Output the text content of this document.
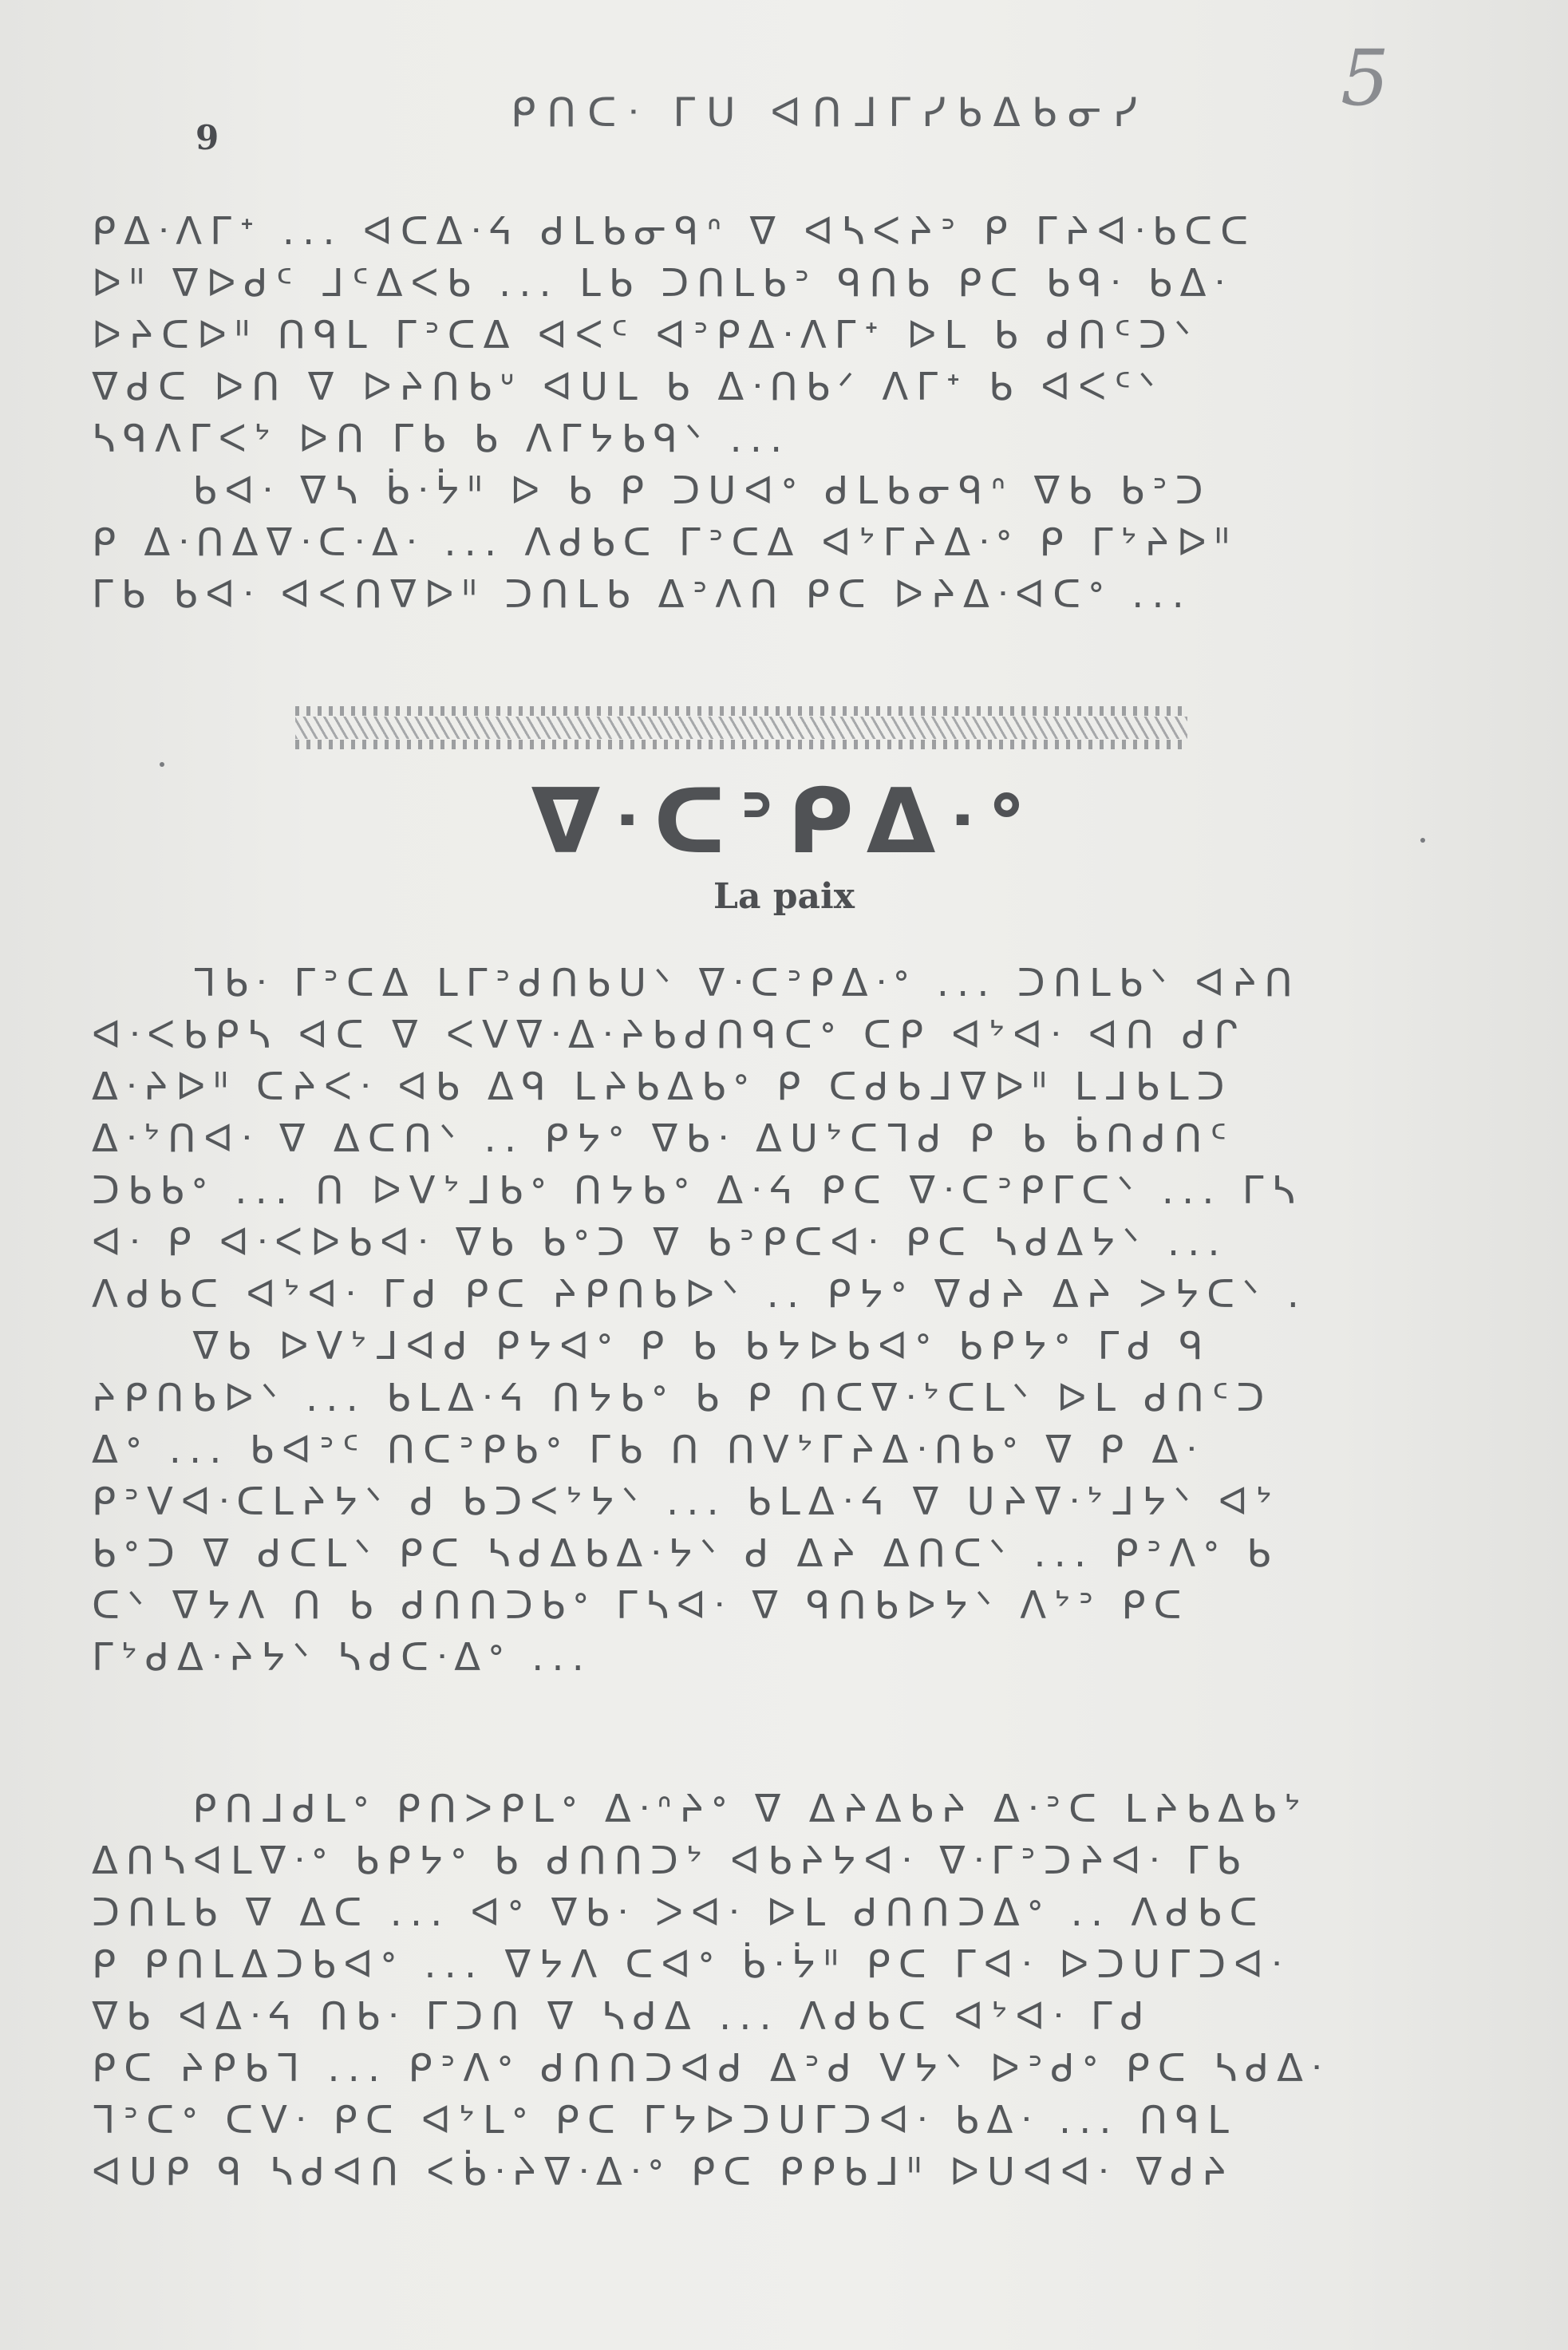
9
ᑭᑎᑕᐧ ᒥᑌ ᐊᑎᒧᒥᓯᑲᐃᑲᓂᓯ	5
ᑭᐃᐧᐱᒥᐩ ... ᐊᑕᐃᐧᔦ ᑯᒪᑲᓂᑫᐢ ᐁ ᐊᓴᐸᔨᐣ ᑭ ᒥᔨᐊᐧᑲᑕᑕ
ᐅᐦ ᐁᐅᑯᑦ ᒧᑦᐃᐸᑲ ... ᒪᑲ ᑐᑎᒪᑲᐣ ᑫᑎᑲ ᑭᑕ ᑲᑫᐧ ᑲᐃᐧ
ᐅᔨᑕᐅᐦ ᑎᑫᒪ ᒥᐣᑕᐃ ᐊᐸᑦ ᐊᐣᑭᐃᐧᐱᒥᐩ ᐅᒪ ᑲ ᑯᑎᑦᑐᐠ
ᐁᑯᑕ ᐅᑎ ᐁ ᐅᔨᑎᑲᐡ ᐊᑌᒪ ᑲ ᐃᐧᑎᑲᐟ ᐱᒥᐩ ᑲ ᐊᐸᑦᐠ
ᓴᑫᐱᒥᐸᔾ ᐅᑎ ᒥᑲ ᑲ ᐱᒥᔭᑲᑫᐠ ...
ᑲᐊᐧ ᐁᓴ ᑳᐧᔮᐦ ᐅ ᑲ ᑭ ᑐᑌᐊᐤ ᑯᒪᑲᓂᑫᐢ ᐁᑲ ᑲᐣᑐ
ᑭ ᐃᐧᑎᐃᐁᐧᑕᐧᐃᐧ ... ᐱᑯᑲᑕ ᒥᐣᑕᐃ ᐊᔾᒥᔨᐃᐧᐤ ᑭ ᒥᔾᔨᐅᐦ
ᒥᑲ ᑲᐊᐧ ᐊᐸᑎᐁᐅᐦ ᑐᑎᒪᑲ ᐃᐣᐱᑎ ᑭᑕ ᐅᔨᐃᐧᐊᑕᐤ ...
ᐁᐧᑕᐣᑭᐃᐧᐤ
La paix
ᒣᑲᐧ ᒥᐣᑕᐃ ᒪᒥᐣᑯᑎᑲᑌᐠ ᐁᐧᑕᐣᑭᐃᐧᐤ ... ᑐᑎᒪᑲᐠ ᐊᔨᑎ
ᐊᐧᐸᑲᑭᓴ ᐊᑕ ᐁ ᐸᐯᐁᐧᐃᐧᔨᑲᑯᑎᑫᑕᐤ ᑕᑭ ᐊᔾᐊᐧ ᐊᑎ ᑯᒋ
ᐃᐧᔨᐅᐦ ᑕᔨᐸᐧ ᐊᑲ ᐃᑫ ᒪᔨᑲᐃᑲᐤ ᑭ ᑕᑯᑲᒧᐁᐅᐦ ᒪᒧᑲᒪᑐ
ᐃᐧᔾᑎᐊᐧ ᐁ ᐃᑕᑎᐠ .. ᑭᔭᐤ ᐁᑲᐧ ᐃᑌᔾᑕᒣᑯ ᑭ ᑲ ᑳᑎᑯᑎᑦ
ᑐᑲᑲᐤ ... ᑎ ᐅᐯᔾᒧᑲᐤ ᑎᔭᑲᐤ ᐃᐧᔦ ᑭᑕ ᐁᐧᑕᐣᑭᒥᑕᐠ ... ᒥᓴ
ᐊᐧ ᑭ ᐊᐧᐸᐅᑲᐊᐧ ᐁᑲ ᑲᐤᑐ ᐁ ᑲᐣᑭᑕᐊᐧ ᑭᑕ ᓴᑯᐃᔭᐠ ...
ᐱᑯᑲᑕ ᐊᔾᐊᐧ ᒥᑯ ᑭᑕ ᔨᑭᑎᑲᐅᐠ .. ᑭᔭᐤ ᐁᑯᔨ ᐃᔨ ᐳᔭᑕᐠ .
ᐁᑲ ᐅᐯᔾᒧᐊᑯ ᑭᔭᐊᐤ ᑭ ᑲ ᑲᔭᐅᑲᐊᐤ ᑲᑭᔭᐤ ᒥᑯ ᑫ
ᔨᑭᑎᑲᐅᐠ ... ᑲᒪᐃᐧᔦ ᑎᔭᑲᐤ ᑲ ᑭ ᑎᑕᐁᐧᔾᑕᒪᐠ ᐅᒪ ᑯᑎᑦᑐ
ᐃᐤ ... ᑲᐊᐣᑦ ᑎᑕᐣᑭᑲᐤ ᒥᑲ ᑎ ᑎᐯᔾᒥᔨᐃᐧᑎᑲᐤ ᐁ ᑭ ᐃᐧ
ᑭᐣᐯᐊᐧᑕᒪᔨᔭᐠ ᑯ ᑲᑐᐸᔾᔭᐠ ... ᑲᒪᐃᐧᔦ ᐁ ᑌᔨᐁᐧᔾᒧᔭᐠ ᐊᔾ
ᑲᐤᑐ ᐁ ᑯᑕᒪᐠ ᑭᑕ ᓴᑯᐃᑲᐃᐧᔭᐠ ᑯ ᐃᔨ ᐃᑎᑕᐠ ... ᑭᐣᐱᐤ ᑲ
ᑕᐠ ᐁᔭᐱ ᑎ ᑲ ᑯᑎᑎᑐᑲᐤ ᒥᓴᐊᐧ ᐁ ᑫᑎᑲᐅᔭᐠ ᐱᔾᐣ ᑭᑕ
ᒥᔾᑯᐃᐧᔨᔭᐠ ᓴᑯᑕᐧᐃᐤ ...
ᑭᑎᒧᑯᒪᐤ ᑭᑎᐳᑭᒪᐤ ᐃᐧᐢᔨᐤ ᐁ ᐃᔨᐃᑲᔨ ᐃᐧᐣᑕ ᒪᔨᑲᐃᑲᔾ
ᐃᑎᓴᐊᒪᐁᐧᐤ ᑲᑭᔭᐤ ᑲ ᑯᑎᑎᑐᔾ ᐊᑲᔨᔭᐊᐧ ᐁᐧᒥᐣᑐᔨᐊᐧ ᒥᑲ
ᑐᑎᒪᑲ ᐁ ᐃᑕ ... ᐊᐤ ᐁᑲᐧ ᐳᐊᐧ ᐅᒪ ᑯᑎᑎᑐᐃᐤ .. ᐱᑯᑲᑕ
ᑭ ᑭᑎᒪᐃᑐᑲᐊᐤ ... ᐁᔭᐱ ᑕᐊᐤ ᑳᐧᔮᐦ ᑭᑕ ᒥᐊᐧ ᐅᑐᑌᒥᑐᐊᐧ
ᐁᑲ ᐊᐃᐧᔦ ᑎᑲᐧ ᒥᑐᑎ ᐁ ᓴᑯᐃ ... ᐱᑯᑲᑕ ᐊᔾᐊᐧ ᒥᑯ
ᑭᑕ ᔨᑭᑲᒣ ... ᑭᐣᐱᐤ ᑯᑎᑎᑐᐊᑯ ᐃᐣᑯ ᐯᔭᐠ ᐅᐣᑯᐤ ᑭᑕ ᓴᑯᐃᐧ
ᒣᐣᑕᐤ ᑕᐯᐧ ᑭᑕ ᐊᔾᒪᐤ ᑭᑕ ᒥᔭᐅᑐᑌᒥᑐᐊᐧ ᑲᐃᐧ ... ᑎᑫᒪ
ᐊᑌᑭ ᑫ ᓴᑯᐊᑎ ᐸᑳᐧᔨᐁᐧᐃᐧᐤ ᑭᑕ ᑭᑭᑲᒧᐦ ᐅᑌᐊᐊᐧ ᐁᑯᔨ
